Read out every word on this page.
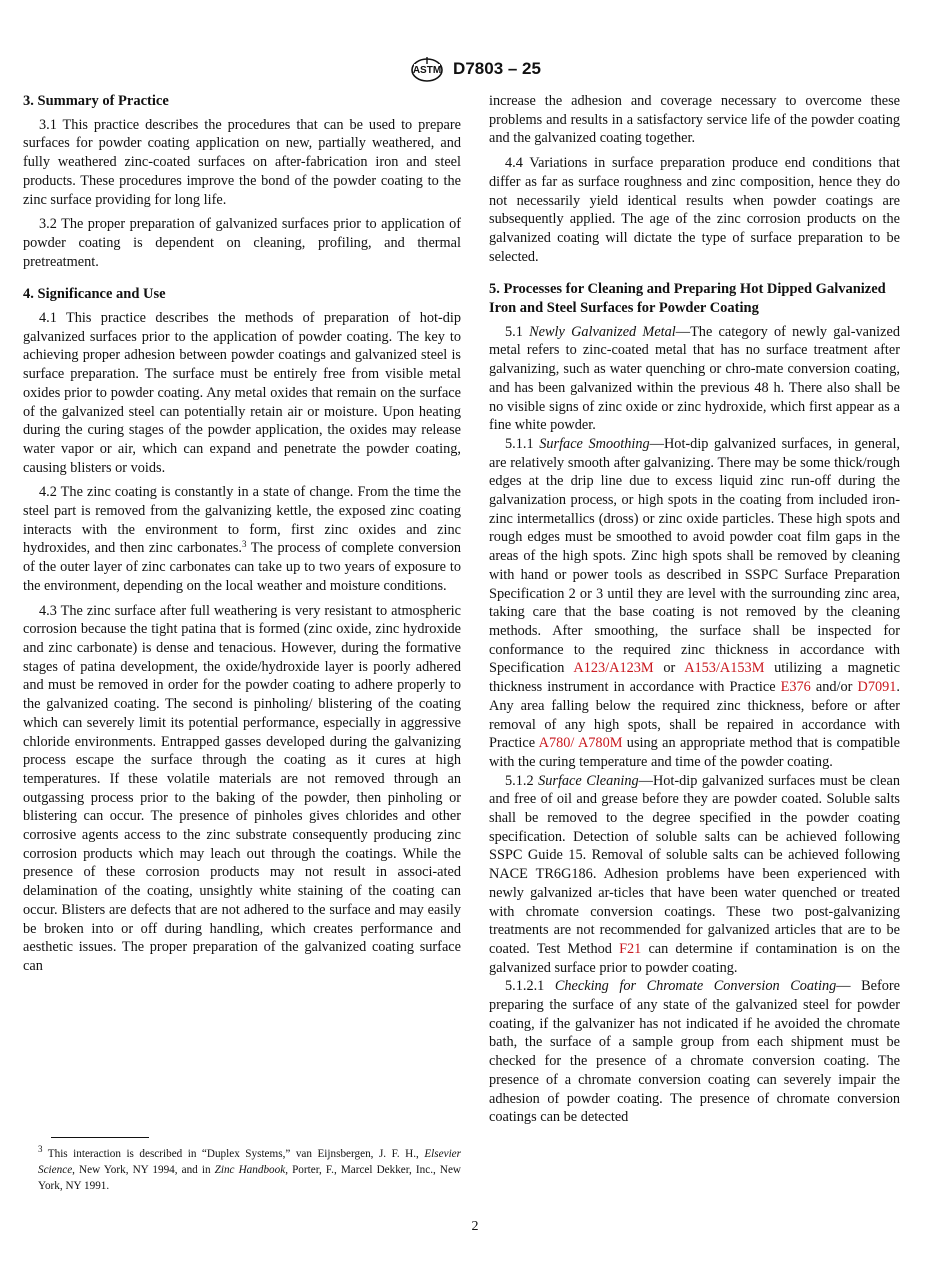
ASTM D7803 – 25
3. Summary of Practice

3.1 This practice describes the procedures that can be used to prepare surfaces for powder coating application on new, partially weathered, and fully weathered zinc-coated surfaces on after-fabrication iron and steel products. These procedures improve the bond of the powder coating to the zinc surface providing for long life.

3.2 The proper preparation of galvanized surfaces prior to application of powder coating is dependent on cleaning, profiling, and thermal pretreatment.

4. Significance and Use

4.1 This practice describes the methods of preparation of hot-dip galvanized surfaces prior to the application of powder coating. The key to achieving proper adhesion between powder coatings and galvanized steel is surface preparation. The surface must be entirely free from visible metal oxides prior to powder coating. Any metal oxides that remain on the surface of the galvanized steel can potentially retain air or moisture. Upon heating during the curing stages of the powder application, the oxides may release water vapor or air, which can expand and penetrate the powder coating, causing blisters or voids.

4.2 The zinc coating is constantly in a state of change. From the time the steel part is removed from the galvanizing kettle, the exposed zinc coating interacts with the environment to form, first zinc oxides and zinc hydroxides, and then zinc carbonates.$^3$ The process of complete conversion of the outer layer of zinc carbonates can take up to two years of exposure to the environment, depending on the local weather and moisture conditions.

4.3 The zinc surface after full weathering is very resistant to atmospheric corrosion because the tight patina that is formed (zinc oxide, zinc hydroxide and zinc carbonate) is dense and tenacious. However, during the formative stages of patina development, the oxide/hydroxide layer is poorly adhered and must be removed in order for the powder coating to adhere properly to the galvanized coating. The second is pinholing/ blistering of the coating which can severely limit its potential performance, especially in aggressive chloride environments. Entrapped gasses developed during the galvanizing process escape the surface through the coating as it cures at high temperatures. If these volatile materials are not removed through an outgassing process prior to the baking of the powder, then pinholing or blistering can occur. The presence of pinholes gives chlorides and other corrosive agents access to the zinc substrate consequently producing zinc corrosion products which may leach out through the coatings. While the presence of these corrosion products may not result in associ-ated delamination of the coating, unsightly white staining of the coating can occur. Blisters are defects that are not adhered to the surface and may easily be broken into or off during handling, which creates performance and aesthetic issues. The proper preparation of the galvanized coating surface can

$^3$ This interaction is described in “Duplex Systems,” van Eijnsbergen, J. F. H., Elsevier Science, New York, NY 1994, and in Zinc Handbook, Porter, F., Marcel Dekker, Inc., New York, NY 1991.

increase the adhesion and coverage necessary to overcome these problems and results in a satisfactory service life of the powder coating and the galvanized coating together.

4.4 Variations in surface preparation produce end conditions that differ as far as surface roughness and zinc composition, hence they do not necessarily yield identical results when powder coatings are subsequently applied. The age of the zinc corrosion products on the galvanized coating will dictate the type of surface preparation to be selected.

5. Processes for Cleaning and Preparing Hot Dipped Galvanized Iron and Steel Surfaces for Powder Coating

5.1 Newly Galvanized Metal—The category of newly gal-vanized metal refers to zinc-coated metal that has no surface treatment after galvanizing, such as water quenching or chro-mate conversion coating, and has been galvanized within the previous 48 h. There also shall be no visible signs of zinc oxide or zinc hydroxide, which first appear as a fine white powder.

5.1.1 Surface Smoothing—Hot-dip galvanized surfaces, in general, are relatively smooth after galvanizing. There may be some thick/rough edges at the drip line due to excess liquid zinc run-off during the galvanization process, or high spots in the coating from included iron-zinc intermetallics (dross) or zinc oxide particles. These high spots and rough edges must be smoothed to avoid powder coat film gaps in the areas of the high spots. Zinc high spots shall be removed by cleaning with hand or power tools as described in SSPC Surface Preparation Specification 2 or 3 until they are level with the surrounding zinc area, taking care that the base coating is not removed by the cleaning methods. After smoothing, the surface shall be inspected for conformance to the required zinc thickness in accordance with Specification A123/A123M or A153/A153M utilizing a magnetic thickness instrument in accordance with Practice E376 and/or D7091. Any area falling below the required zinc thickness, before or after removal of any high spots, shall be repaired in accordance with Practice A780/ A780M using an appropriate method that is compatible with the curing temperature and time of the powder coating.

5.1.2 Surface Cleaning—Hot-dip galvanized surfaces must be clean and free of oil and grease before they are powder coated. Soluble salts shall be removed to the degree specified in the powder coating specification. Detection of soluble salts can be achieved following SSPC Guide 15. Removal of soluble salts can be achieved following NACE TR6G186. Adhesion problems have been experienced with newly galvanized ar-ticles that have been water quenched or treated with chromate conversion coatings. These two post-galvanizing treatments are not recommended for galvanized articles that are to be coated. Test Method F21 can determine if contamination is on the galvanized surface prior to powder coating.

5.1.2.1 Checking for Chromate Conversion Coating— Before preparing the surface of any state of the galvanized steel for powder coating, if the galvanizer has not indicated if he avoided the chromate bath, the surface of a sample group from each shipment must be checked for the presence of a chromate conversion coating. The presence of a chromate conversion coating can severely impair the adhesion of powder coating. The presence of chromate conversion coatings can be detected

2
